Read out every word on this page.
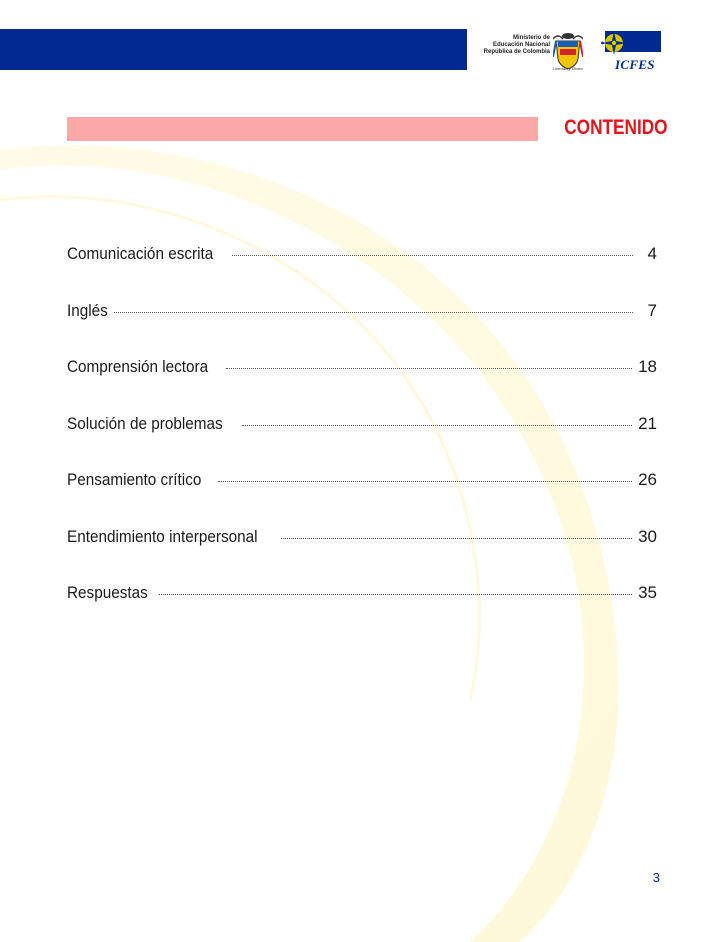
Ministerio de
Educación Nacional
República de Colombia
Libertad y Orden ICFES
CONTENIDO
Comunicación escrita	4
Inglés	7
Comprensión lectora	18
Solución de problemas	21
Pensamiento crítico	26
Entendimiento interpersonal	30
Respuestas	35
3
